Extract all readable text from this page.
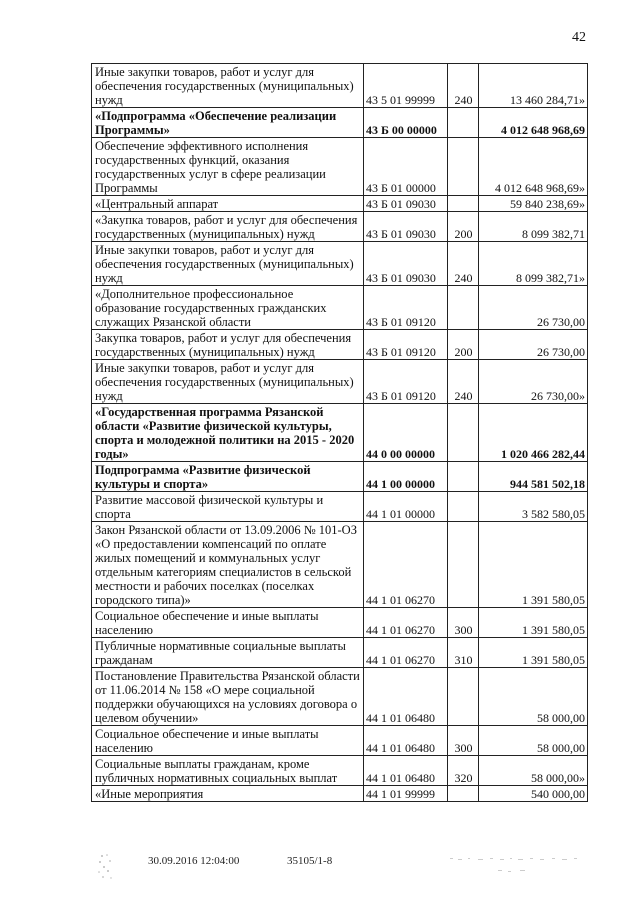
42
Иные закупки товаров, работ и услуг для обеспечения государственных (муниципальных) нужд	43 5 01 99999	240	13 460 284,71»
«Подпрограмма «Обеспечение реализации Программы»	43 Б 00 00000		4 012 648 968,69
Обеспечение эффективного исполнения государственных функций, оказания государственных услуг в сфере реализации Программы	43 Б 01 00000		4 012 648 968,69»
«Центральный аппарат	43 Б 01 09030		59 840 238,69»
«Закупка товаров, работ и услуг для обеспечения государственных (муниципальных) нужд	43 Б 01 09030	200	8 099 382,71
Иные закупки товаров, работ и услуг для обеспечения государственных (муниципальных) нужд	43 Б 01 09030	240	8 099 382,71»
«Дополнительное профессиональное образование государственных гражданских служащих Рязанской области	43 Б 01 09120		26 730,00
Закупка товаров, работ и услуг для обеспечения государственных (муниципальных) нужд	43 Б 01 09120	200	26 730,00
Иные закупки товаров, работ и услуг для обеспечения государственных (муниципальных) нужд	43 Б 01 09120	240	26 730,00»
«Государственная программа Рязанской области «Развитие физической культуры, спорта и молодежной политики на 2015 - 2020 годы»	44 0 00 00000		1 020 466 282,44
Подпрограмма «Развитие физической культуры и спорта»	44 1 00 00000		944 581 502,18
Развитие массовой физической культуры и спорта	44 1 01 00000		3 582 580,05
Закон Рязанской области от 13.09.2006 № 101-ОЗ «О предоставлении компенсаций по оплате жилых помещений и коммунальных услуг отдельным категориям специалистов в сельской местности и рабочих поселках (поселках городского типа)»	44 1 01 06270		1 391 580,05
Социальное обеспечение и иные выплаты населению	44 1 01 06270	300	1 391 580,05
Публичные нормативные социальные выплаты гражданам	44 1 01 06270	310	1 391 580,05
Постановление Правительства Рязанской области от 11.06.2014 № 158 «О мере социальной поддержки обучающихся на условиях договора о целевом обучении»	44 1 01 06480		58 000,00
Социальное обеспечение и иные выплаты населению	44 1 01 06480	300	58 000,00
Социальные выплаты гражданам, кроме публичных нормативных социальных выплат	44 1 01 06480	320	58 000,00»
«Иные мероприятия	44 1 01 99999		540 000,00
30.09.2016 12:04:00	35105/1-8
